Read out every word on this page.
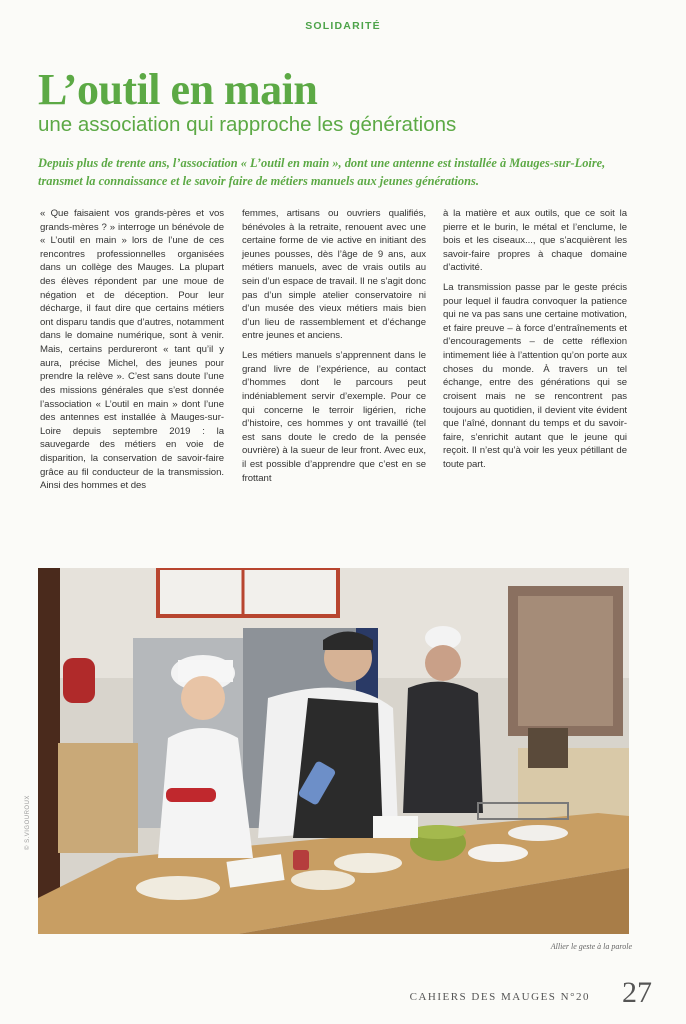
SOLIDARITÉ
L’outil en main
une association qui rapproche les générations

Depuis plus de trente ans, l’association « L’outil en main », dont une antenne est installée à Mauges-sur-Loire, transmet la connaissance et le savoir faire de métiers manuels aux jeunes générations.

« Que faisaient vos grands-pères et vos grands-mères ? » interroge un bénévole de « L’outil en main » lors de l’une de ces rencontres professionnelles organisées dans un collège des Mauges. La plupart des élèves répondent par une moue de négation et de déception. Pour leur décharge, il faut dire que certains métiers ont disparu tandis que d’autres, notamment dans le domaine numérique, sont à venir. Mais, certains perdureront « tant qu’il y aura, précise Michel, des jeunes pour prendre la relève ». C’est sans doute l’une des missions générales que s’est donnée l’association « L’outil en main » dont l’une des antennes est installée à Mauges-sur-Loire depuis septembre 2019 : la sauvegarde des métiers en voie de disparition, la conservation de savoir-faire grâce au fil conducteur de la transmission. Ainsi des hommes et des

femmes, artisans ou ouvriers qualifiés, bénévoles à la retraite, renouent avec une certaine forme de vie active en initiant des jeunes pousses, dès l’âge de 9 ans, aux métiers manuels, avec de vrais outils au sein d’un espace de travail. Il ne s’agit donc pas d’un simple atelier conservatoire ni d’un musée des vieux métiers mais bien d’un lieu de rassemblement et d’échange entre jeunes et anciens.

Les métiers manuels s’apprennent dans le grand livre de l’expérience, au contact d’hommes dont le parcours peut indéniablement servir d’exemple. Pour ce qui concerne le terroir ligérien, riche d’histoire, ces hommes y ont travaillé (tel est sans doute le credo de la pensée ouvrière) à la sueur de leur front. Avec eux, il est possible d’apprendre que c’est en se frottant

à la matière et aux outils, que ce soit la pierre et le burin, le métal et l’enclume, le bois et les ciseaux..., que s’acquièrent les savoir-faire propres à chaque domaine d’activité.

La transmission passe par le geste précis pour lequel il faudra convoquer la patience qui ne va pas sans une certaine motivation, et faire preuve – à force d’entraînements et d’encouragements – de cette réflexion intimement liée à l’attention qu’on porte aux choses du monde. À travers un tel échange, entre des générations qui se croisent mais ne se rencontrent pas toujours au quotidien, il devient vite évident que l’aîné, donnant du temps et du savoir-faire, s’enrichit autant que le jeune qui reçoit. Il n’est qu’à voir les yeux pétillant de toute part.

© S.VIGOUROUX
Allier le geste à la parole
CAHIERS DES MAUGES N°20 27
